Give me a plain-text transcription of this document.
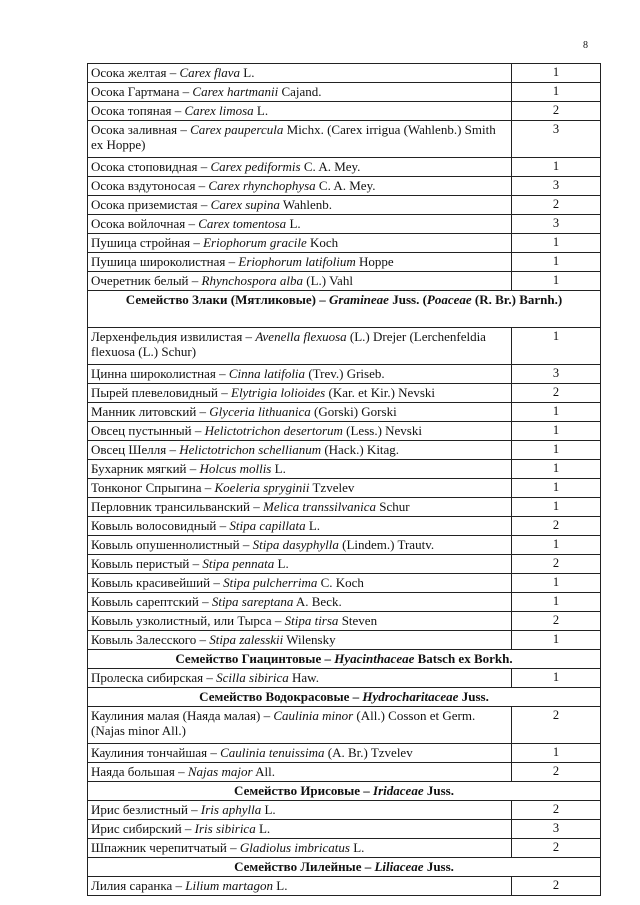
8
Осока желтая – Carex flava L.	1
Осока Гартмана – Carex hartmanii Cajand.	1
Осока топяная – Carex limosa L.	2
Осока заливная – Carex paupercula Michx. (Carex irrigua (Wahlenb.) Smith ex Hoppe)	3
Осока стоповидная – Carex pediformis C. A. Mey.	1
Осока вздутоносая – Carex rhynchophysa C. A. Mey.	3
Осока приземистая – Carex supina Wahlenb.	2
Осока войлочная – Carex tomentosa L.	3
Пушица стройная – Eriophorum gracile Koch	1
Пушица широколистная – Eriophorum latifolium Hoppe	1
Очеретник белый – Rhynchospora alba (L.) Vahl	1
Семейство Злаки (Мятликовые) – Gramineae Juss. (Poaceae (R. Br.) Barnh.)	
Лерхенфельдия извилистая – Avenella flexuosa (L.) Drejer (Lerchenfeldia flexuosa (L.) Schur)	1
Цинна широколистная – Cinna latifolia (Trev.) Griseb.	3
Пырей плевеловидный – Elytrigia lolioides (Kar. et Kir.) Nevski	2
Манник литовский – Glyceria lithuanica (Gorski) Gorski	1
Овсец пустынный – Helictotrichon desertorum (Less.) Nevski	1
Овсец Шелля – Helictotrichon schellianum (Hack.) Kitag.	1
Бухарник мягкий – Holcus mollis L.	1
Тонконог Спрыгина – Koeleria sprуginii Tzvelev	1
Перловник трансильванский – Melica transsilvanica Schur	1
Ковыль волосовидный – Stipa capillata L.	2
Ковыль опушеннолистный – Stipa dasyphylla (Lindem.) Trautv.	1
Ковыль перистый – Stipa pennata L.	2
Ковыль красивейший – Stipa pulcherrima C. Koch	1
Ковыль сарептский – Stipa sareptana A. Beck.	1
Ковыль узколистный, или Тырса – Stipa tirsa Steven	2
Ковыль Залесского – Stipa zalesskii Wilensky	1
Семейство Гиацинтовые – Hyacinthaceae Batsch ex Borkh.	
Пролеска сибирская – Scilla sibirica Haw.	1
Семейство Водокрасовые – Hydrocharitaceae Juss.	
Каулиния малая (Наяда малая) – Caulinia minor (All.) Cosson et Germ. (Najas minor All.)	2
Каулиния тончайшая – Caulinia tenuissima (A. Br.) Tzvelev	1
Наяда большая – Najas major All.	2
Семейство Ирисовые – Iridaceae Juss.	
Ирис безлистный – Iris aphylla L.	2
Ирис сибирский – Iris sibirica L.	3
Шпажник черепитчатый – Gladiolus imbricatus L.	2
Семейство Лилейные – Liliaceae Juss.	
Лилия саранка – Lilium martagon L.	2
